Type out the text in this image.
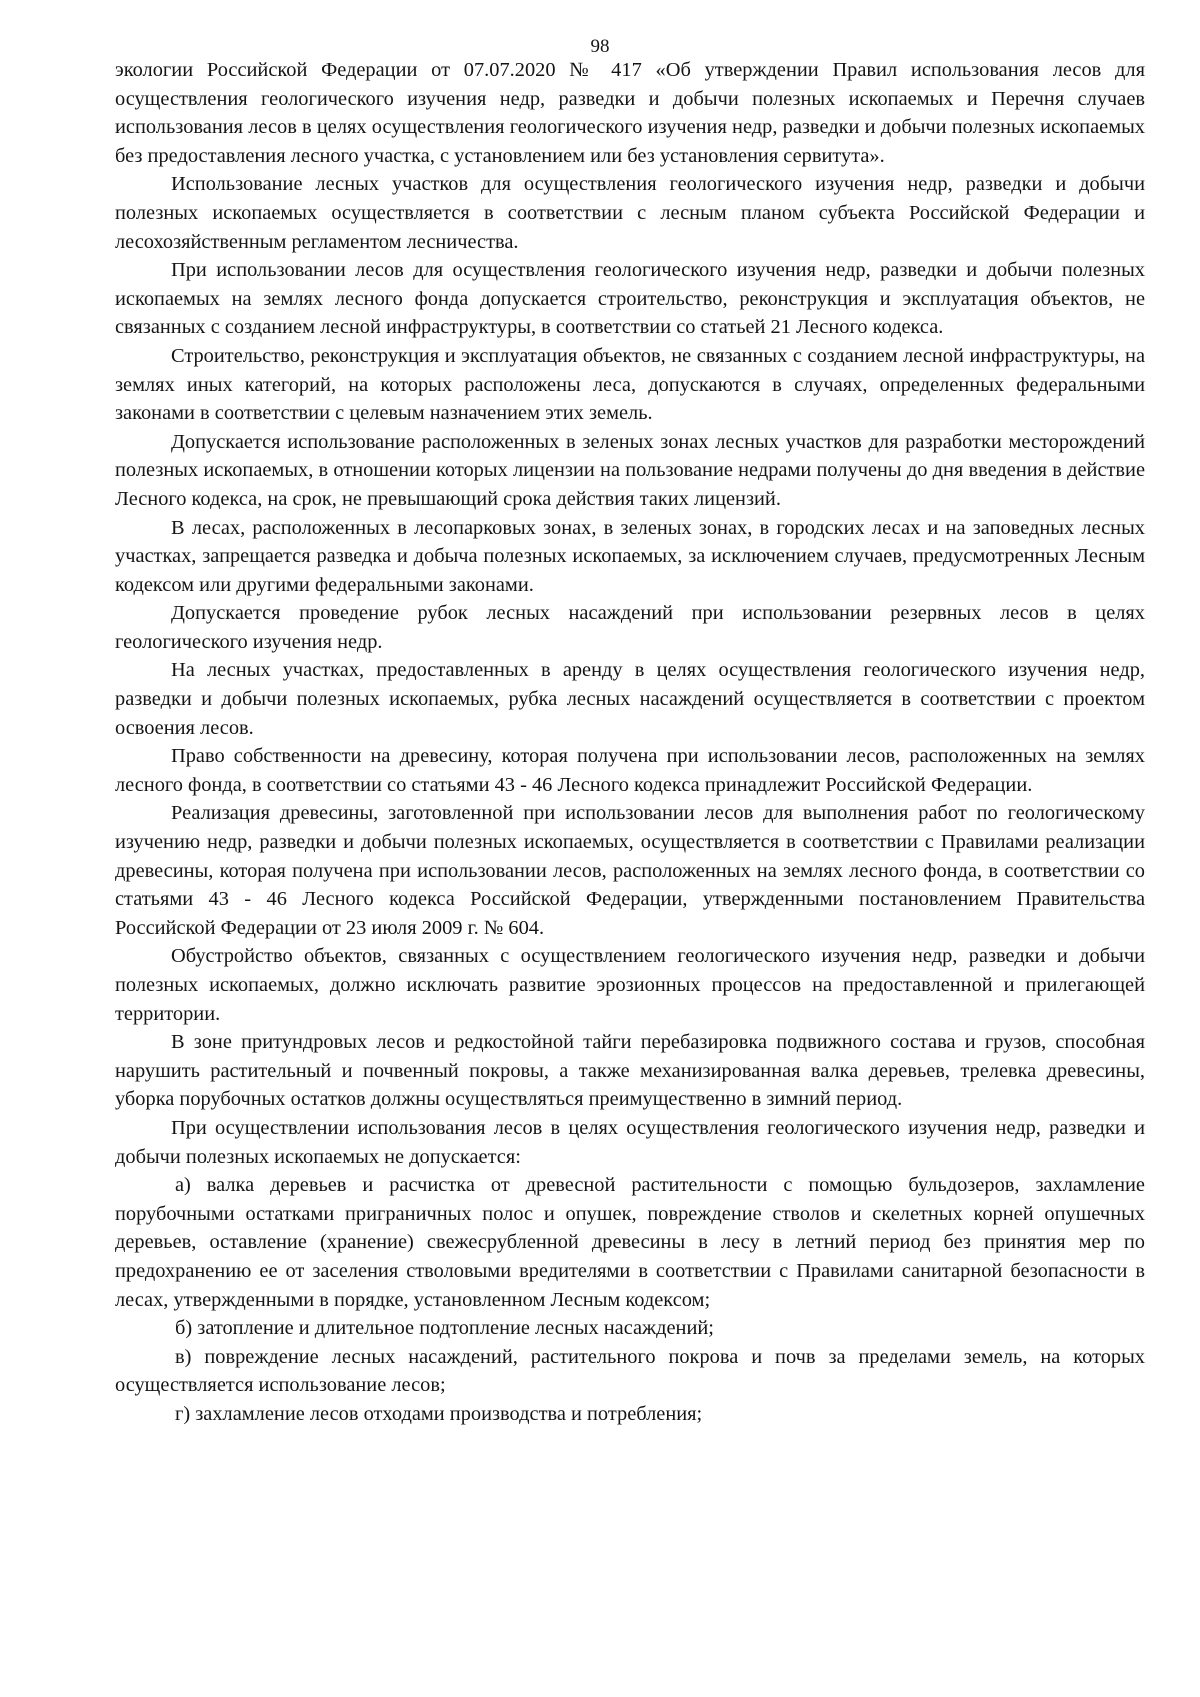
98

экологии Российской Федерации от 07.07.2020 № 417 «Об утверждении Правил использования лесов для осуществления геологического изучения недр, разведки и добычи полезных ископаемых и Перечня случаев использования лесов в целях осуществления геологического изучения недр, разведки и добычи полезных ископаемых без предоставления лесного участка, с установлением или без установления сервитута».

Использование лесных участков для осуществления геологического изучения недр, разведки и добычи полезных ископаемых осуществляется в соответствии с лесным планом субъекта Российской Федерации и лесохозяйственным регламентом лесничества.

При использовании лесов для осуществления геологического изучения недр, разведки и добычи полезных ископаемых на землях лесного фонда допускается строительство, реконструкция и эксплуатация объектов, не связанных с созданием лесной инфраструктуры, в соответствии со статьей 21 Лесного кодекса.

Строительство, реконструкция и эксплуатация объектов, не связанных с созданием лесной инфраструктуры, на землях иных категорий, на которых расположены леса, допускаются в случаях, определенных федеральными законами в соответствии с целевым назначением этих земель.

Допускается использование расположенных в зеленых зонах лесных участков для разработки месторождений полезных ископаемых, в отношении которых лицензии на пользование недрами получены до дня введения в действие Лесного кодекса, на срок, не превышающий срока действия таких лицензий.

В лесах, расположенных в лесопарковых зонах, в зеленых зонах, в городских лесах и на заповедных лесных участках, запрещается разведка и добыча полезных ископаемых, за исключением случаев, предусмотренных Лесным кодексом или другими федеральными законами.

Допускается проведение рубок лесных насаждений при использовании резервных лесов в целях геологического изучения недр.

На лесных участках, предоставленных в аренду в целях осуществления геологического изучения недр, разведки и добычи полезных ископаемых, рубка лесных насаждений осуществляется в соответствии с проектом освоения лесов.

Право собственности на древесину, которая получена при использовании лесов, расположенных на землях лесного фонда, в соответствии со статьями 43 - 46 Лесного кодекса принадлежит Российской Федерации.

Реализация древесины, заготовленной при использовании лесов для выполнения работ по геологическому изучению недр, разведки и добычи полезных ископаемых, осуществляется в соответствии с Правилами реализации древесины, которая получена при использовании лесов, расположенных на землях лесного фонда, в соответствии со статьями 43 - 46 Лесного кодекса Российской Федерации, утвержденными постановлением Правительства Российской Федерации от 23 июля 2009 г. № 604.

Обустройство объектов, связанных с осуществлением геологического изучения недр, разведки и добычи полезных ископаемых, должно исключать развитие эрозионных процессов на предоставленной и прилегающей территории.

В зоне притундровых лесов и редкостойной тайги перебазировка подвижного состава и грузов, способная нарушить растительный и почвенный покровы, а также механизированная валка деревьев, трелевка древесины, уборка порубочных остатков должны осуществляться преимущественно в зимний период.

При осуществлении использования лесов в целях осуществления геологического изучения недр, разведки и добычи полезных ископаемых не допускается:

а) валка деревьев и расчистка от древесной растительности с помощью бульдозеров, захламление порубочными остатками приграничных полос и опушек, повреждение стволов и скелетных корней опушечных деревьев, оставление (хранение) свежесрубленной древесины в лесу в летний период без принятия мер по предохранению ее от заселения стволовыми вредителями в соответствии с Правилами санитарной безопасности в лесах, утвержденными в порядке, установленном Лесным кодексом;

б) затопление и длительное подтопление лесных насаждений;

в) повреждение лесных насаждений, растительного покрова и почв за пределами земель, на которых осуществляется использование лесов;

г) захламление лесов отходами производства и потребления;
